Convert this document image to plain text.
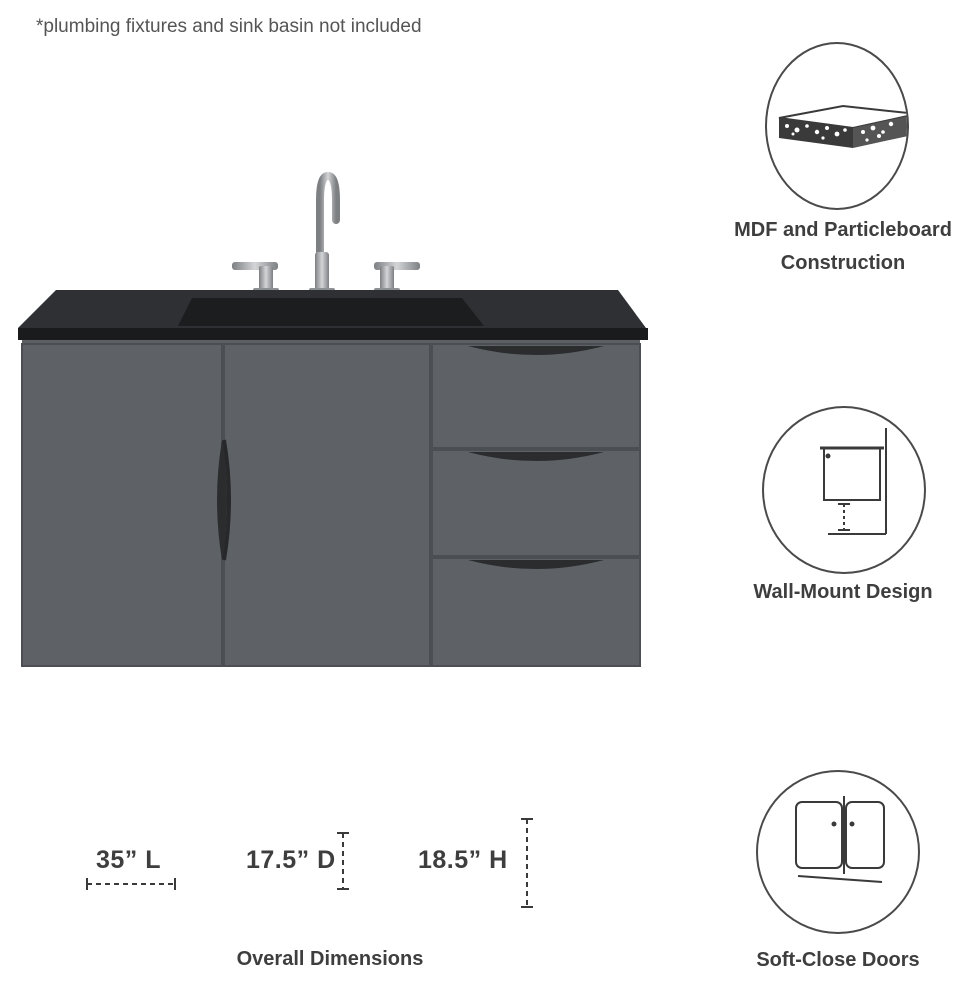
*plumbing fixtures and sink basin not included
MDF and Particleboard Construction
Wall-Mount Design
Soft-Close Doors
35” L	17.5” D	18.5” H
Overall Dimensions
